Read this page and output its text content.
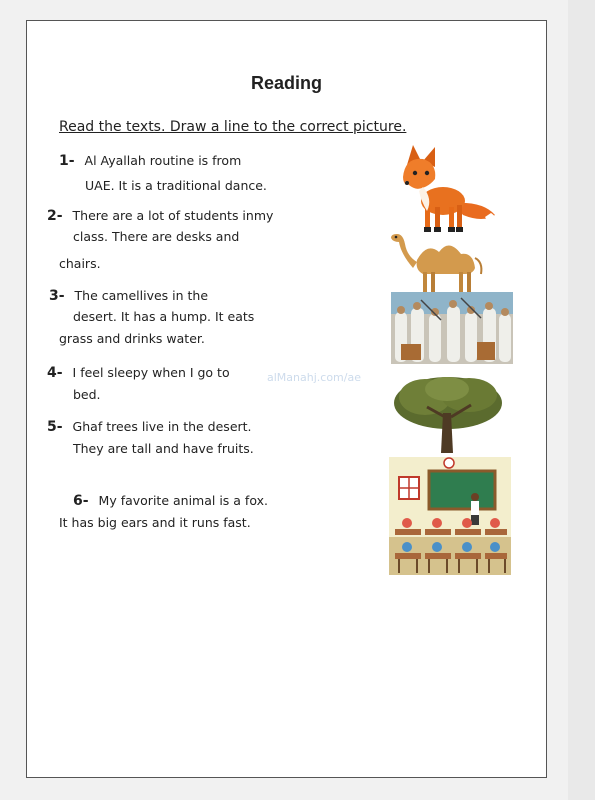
Reading
Read the texts. Draw a line to the correct picture.
1- Al Ayallah routine is from
UAE. It is a traditional dance.
2- There are a lot of students inmy
class. There are desks and
chairs.
3- The camellives in the
desert. It has a hump. It eats
grass and drinks water.
4- I feel sleepy when I go to
bed.
alManahj.com/ae
5- Ghaf trees live in the desert.
They are tall and have fruits.
6- My favorite animal is a fox.
It has big ears and it runs fast.
